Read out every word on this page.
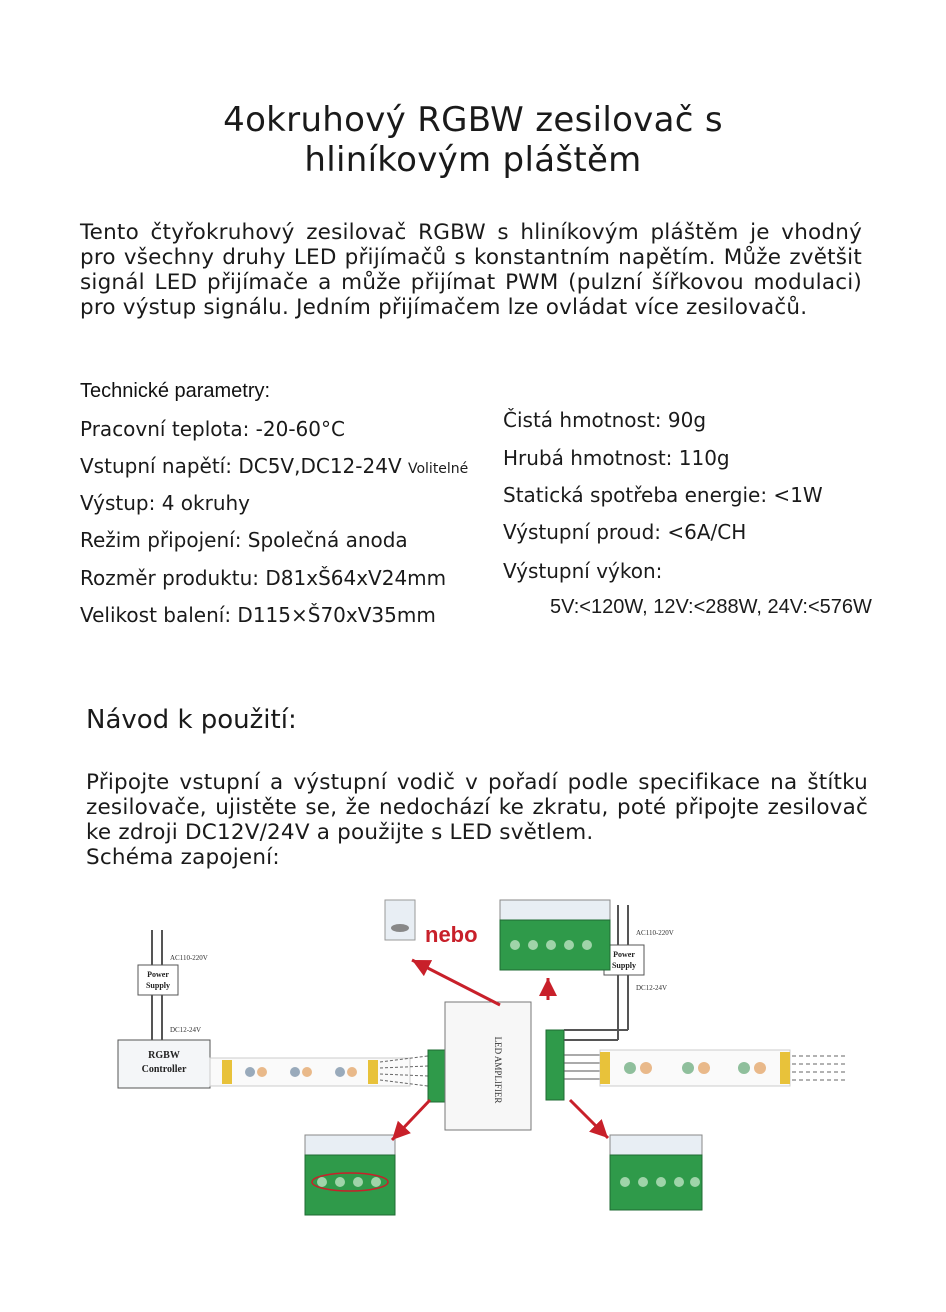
4okruhový RGBW zesilovač s
hliníkovým pláštěm
Tento čtyřokruhový zesilovač RGBW s hliníkovým pláštěm je vhodný pro všechny druhy LED přijímačů s konstantním napětím. Může zvětšit signál LED přijímače a může přijímat PWM (pulzní šířkovou modulaci) pro výstup signálu. Jedním přijímačem lze ovládat více zesilovačů.
Technické parametry:
Pracovní teplota: -20-60°C
Vstupní napětí: DC5V,DC12-24V Volitelné
Výstup: 4 okruhy
Režim připojení: Společná anoda
Rozměr produktu: D81xŠ64xV24mm
Velikost balení: D115×Š70xV35mm
Čistá hmotnost: 90g
Hrubá hmotnost: 110g
Statická spotřeba energie: <1W
Výstupní proud: <6A/CH
Výstupní výkon:
5V:<120W, 12V:<288W, 24V:<576W
Návod k použití:
Připojte vstupní a výstupní vodič v pořadí podle specifikace na štítku zesilovače, ujistěte se, že nedochází ke zkratu, poté připojte zesilovač ke zdroji DC12V/24V a použijte s LED světlem.
Schéma zapojení:
AC110-220V
Power
Supply
DC12-24V
RGBW
Controller	LED AMPLIFIER
AC110-220V
Power
Supply
DC12-24V
nebo
